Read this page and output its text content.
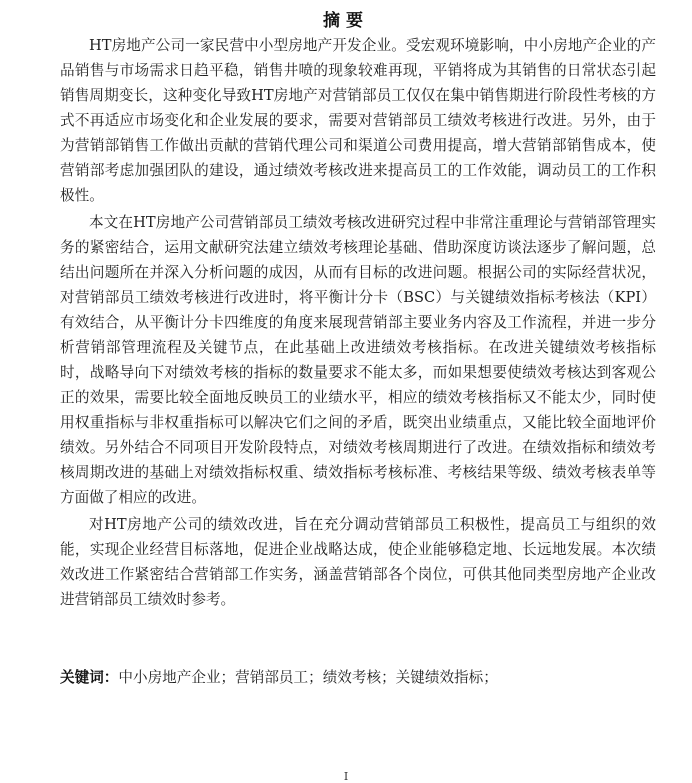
摘要

HT房地产公司一家民营中小型房地产开发企业。受宏观环境影响，中小房地产企业的产品销售与市场需求日趋平稳，销售井喷的现象较难再现，平销将成为其销售的日常状态引起销售周期变长，这种变化导致HT房地产对营销部员工仅仅在集中销售期进行阶段性考核的方式不再适应市场变化和企业发展的要求，需要对营销部员工绩效考核进行改进。另外，由于为营销部销售工作做出贡献的营销代理公司和渠道公司费用提高，增大营销部销售成本，使营销部考虑加强团队的建设，通过绩效考核改进来提高员工的工作效能，调动员工的工作积极性。

本文在HT房地产公司营销部员工绩效考核改进研究过程中非常注重理论与营销部管理实务的紧密结合，运用文献研究法建立绩效考核理论基础、借助深度访谈法逐步了解问题，总结出问题所在并深入分析问题的成因，从而有目标的改进问题。根据公司的实际经营状况，对营销部员工绩效考核进行改进时，将平衡计分卡（BSC）与关键绩效指标考核法（KPI）有效结合，从平衡计分卡四维度的角度来展现营销部主要业务内容及工作流程，并进一步分析营销部管理流程及关键节点，在此基础上改进绩效考核指标。在改进关键绩效考核指标时，战略导向下对绩效考核的指标的数量要求不能太多，而如果想要使绩效考核达到客观公正的效果，需要比较全面地反映员工的业绩水平，相应的绩效考核指标又不能太少，同时使用权重指标与非权重指标可以解决它们之间的矛盾，既突出业绩重点，又能比较全面地评价绩效。另外结合不同项目开发阶段特点，对绩效考核周期进行了改进。在绩效指标和绩效考核周期改进的基础上对绩效指标权重、绩效指标考核标准、考核结果等级、绩效考核表单等方面做了相应的改进。

对HT房地产公司的绩效改进，旨在充分调动营销部员工积极性，提高员工与组织的效能，实现企业经营目标落地，促进企业战略达成，使企业能够稳定地、长远地发展。本次绩效改进工作紧密结合营销部工作实务，涵盖营销部各个岗位，可供其他同类型房地产企业改进营销部员工绩效时参考。

关键词：中小房地产企业；营销部员工；绩效考核；关键绩效指标；
I
